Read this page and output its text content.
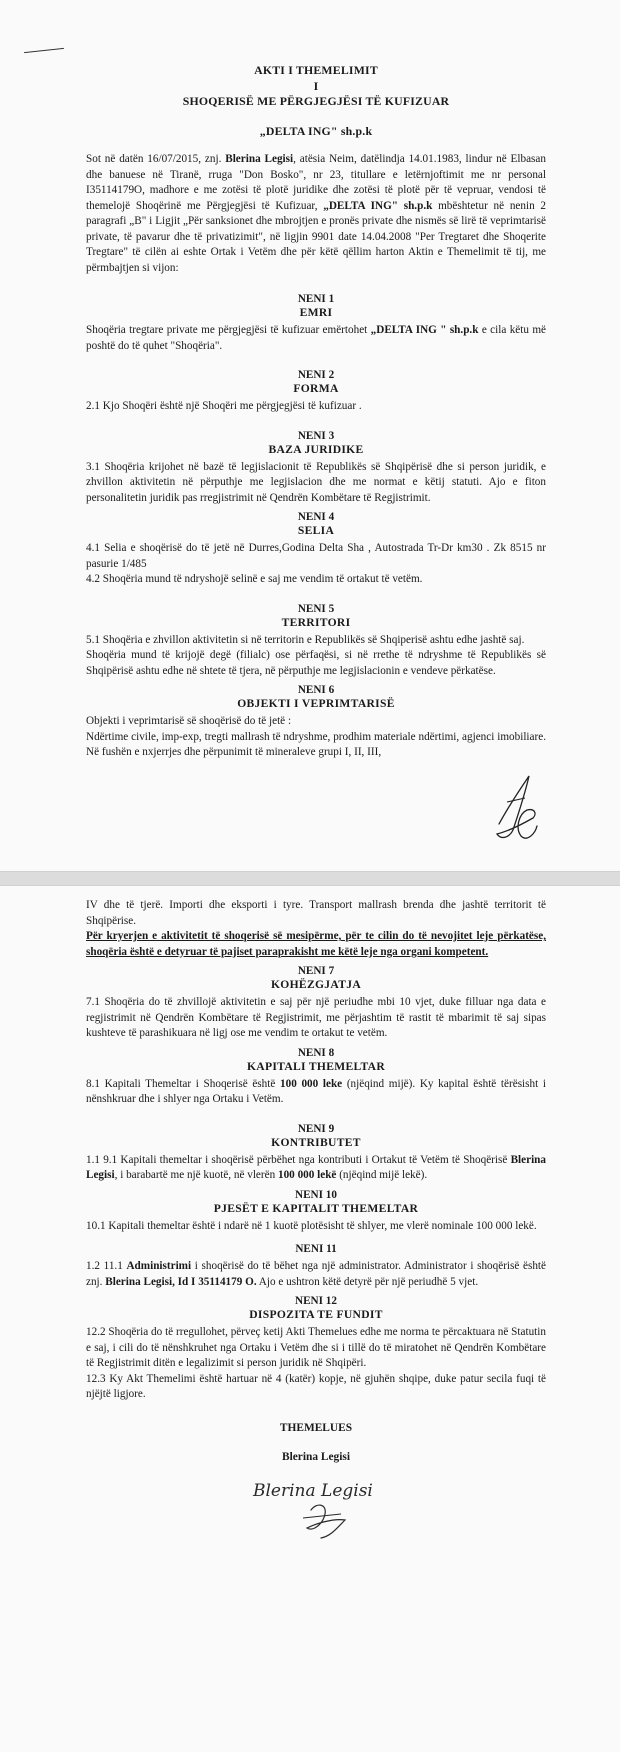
AKTI I THEMELIMIT
I
SHOQERISË ME PËRGJEGJËSI TË KUFIZUAR
„DELTA ING" sh.p.k

Sot në datën 16/07/2015, znj. Blerina Legisi, atësia Neim, datëlindja 14.01.1983, lindur në Elbasan dhe banuese në Tiranë, rruga "Don Bosko", nr 23, titullare e letërnjoftimit me nr personal I35114179O, madhore e me zotësi të plotë juridike dhe zotësi të plotë për të vepruar, vendosi të themelojë Shoqërinë me Përgjegjësi të Kufizuar, „DELTA ING" sh.p.k mbështetur në nenin 2 paragrafi „B" i Ligjit „Për sanksionet dhe mbrojtjen e pronës private dhe nismës së lirë të veprimtarisë private, të pavarur dhe të privatizimit", në ligjin 9901 date 14.04.2008 "Per Tregtaret dhe Shoqerite Tregtare" të cilën ai eshte Ortak i Vetëm dhe për këtë qëllim harton Aktin e Themelimit të tij, me përmbajtjen si vijon:

NENI 1
EMRI

Shoqëria tregtare private me përgjegjësi të kufizuar emërtohet „DELTA ING " sh.p.k e cila këtu më poshtë do të quhet "Shoqëria".

NENI 2
FORMA

2.1 Kjo Shoqëri është një Shoqëri me përgjegjësi të kufizuar .

NENI 3
BAZA JURIDIKE

3.1 Shoqëria krijohet në bazë të legjislacionit të Republikës së Shqipërisë dhe si person juridik, e zhvillon aktivitetin në përputhje me legjislacion dhe me normat e këtij statuti. Ajo e fiton personalitetin juridik pas rregjistrimit në Qendrën Kombëtare të Regjistrimit.

NENI 4
SELIA

4.1 Selia e shoqërisë do të jetë në Durres,Godina Delta Sha , Autostrada Tr-Dr km30 . Zk 8515 nr pasurie 1/485

4.2 Shoqëria mund të ndryshojë selinë e saj me vendim të ortakut të vetëm.

NENI 5
TERRITORI

5.1 Shoqëria e zhvillon aktivitetin si në territorin e Republikës së Shqiperisë ashtu edhe jashtë saj.

Shoqëria mund të krijojë degë (filialc) ose përfaqësi, si në rrethe të ndryshme të Republikës së Shqipërisë ashtu edhe në shtete të tjera, në përputhje me legjislacionin e vendeve përkatëse.

NENI 6
OBJEKTI I VEPRIMTARISË

Objekti i veprimtarisë së shoqërisë do të jetë :

Ndërtime civile, imp-exp, tregti mallrash të ndryshme, prodhim materiale ndërtimi, agjenci imobiliare. Në fushën e nxjerrjes dhe përpunimit të mineraleve grupi I, II, III,

IV dhe të tjerë. Importi dhe eksporti i tyre. Transport mallrash brenda dhe jashtë territorit të Shqipërise.

Për kryerjen e aktivitetit të shoqerisë së mesipërme, për te cilin do të nevojitet leje përkatëse, shoqëria është e detyruar të pajiset paraprakisht me këtë leje nga organi kompetent.

NENI 7
KOHËZGJATJA

7.1 Shoqëria do të zhvillojë aktivitetin e saj për një periudhe mbi 10 vjet, duke filluar nga data e regjistrimit në Qendrën Kombëtare të Regjistrimit, me përjashtim të rastit të mbarimit të saj sipas kushteve të parashikuara në ligj ose me vendim te ortakut te vetëm.

NENI 8
KAPITALI THEMELTAR

8.1 Kapitali Themeltar i Shoqerisë është 100 000 leke (njëqind mijë). Ky kapital është tërësisht i nënshkruar dhe i shlyer nga Ortaku i Vetëm.

NENI 9
KONTRIBUTET

1.1 9.1 Kapitali themeltar i shoqërisë përbëhet nga kontributi i Ortakut të Vetëm të Shoqërisë Blerina Legisi, i barabartë me një kuotë, në vlerën 100 000 lekë (njëqind mijë lekë).

NENI 10
PJESËT E KAPITALIT THEMELTAR

10.1 Kapitali themeltar është i ndarë në 1 kuotë plotësisht të shlyer, me vlerë nominale 100 000 lekë.

NENI 11

1.2 11.1 Administrimi i shoqërisë do të bëhet nga një administrator. Administrator i shoqërisë është znj. Blerina Legisi, Id I 35114179 O. Ajo e ushtron këtë detyrë për një periudhë 5 vjet.

NENI 12
DISPOZITA TE FUNDIT

12.2 Shoqëria do të rregullohet, përveç ketij Akti Themelues edhe me norma te përcaktuara në Statutin e saj, i cili do të nënshkruhet nga Ortaku i Vetëm dhe si i tillë do të miratohet në Qendrën Kombëtare të Regjistrimit ditën e legalizimit si person juridik në Shqipëri.

12.3 Ky Akt Themelimi është hartuar në 4 (katër) kopje, në gjuhën shqipe, duke patur secila fuqi të njëjtë ligjore.

THEMELUES
Blerina Legisi
Blerina Legisi
